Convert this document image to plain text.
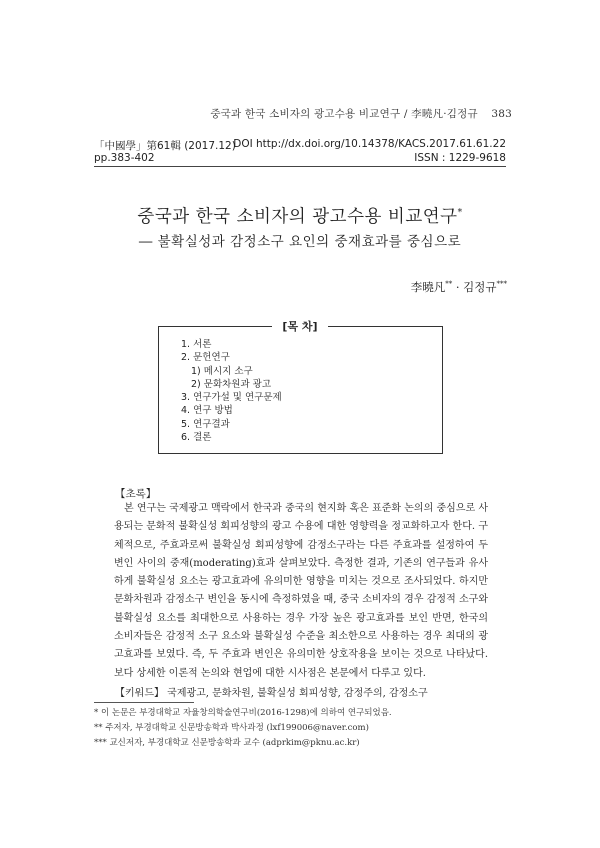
중국과 한국 소비자의 광고수용 비교연구 / 李曉凡·김정규 383
「中國學」第61輯 (2017.12)
DOI http://dx.doi.org/10.14378/KACS.2017.61.61.22
pp.383-402	ISSN : 1229-9618
중국과 한국 소비자의 광고수용 비교연구*
― 불확실성과 감정소구 요인의 중재효과를 중심으로
李曉凡** · 김정규***
[목 차]
1. 서론
2. 문헌연구
1) 메시지 소구
2) 문화차원과 광고
3. 연구가설 및 연구문제
4. 연구 방법
5. 연구결과
6. 결론
【초록】

본 연구는 국제광고 맥락에서 한국과 중국의 현지화 혹은 표준화 논의의 중심으로 사용되는 문화적 불확실성 회피성향의 광고 수용에 대한 영향력을 정교화하고자 한다. 구체적으로, 주효과로써 불확실성 회피성향에 감정소구라는 다른 주효과를 설정하여 두 변인 사이의 중재(moderating)효과 살펴보았다. 측정한 결과, 기존의 연구들과 유사하게 불확실성 요소는 광고효과에 유의미한 영향을 미치는 것으로 조사되었다. 하지만 문화차원과 감정소구 변인을 동시에 측정하였을 때, 중국 소비자의 경우 감정적 소구와 불확실성 요소를 최대한으로 사용하는 경우 가장 높은 광고효과를 보인 반면, 한국의 소비자들은 감정적 소구 요소와 불확실성 수준을 최소한으로 사용하는 경우 최대의 광고효과를 보였다. 즉, 두 주효과 변인은 유의미한 상호작용을 보이는 것으로 나타났다. 보다 상세한 이론적 논의와 현업에 대한 시사점은 본문에서 다루고 있다.

【키워드】 국제광고, 문화차원, 불확실성 회피성향, 감정주의, 감정소구
* 이 논문은 부경대학교 자율창의학술연구비(2016-1298)에 의하여 연구되었음.
** 주저자, 부경대학교 신문방송학과 박사과정 (lxf199006@naver.com)
*** 교신저자, 부경대학교 신문방송학과 교수 (adprkim@pknu.ac.kr)
